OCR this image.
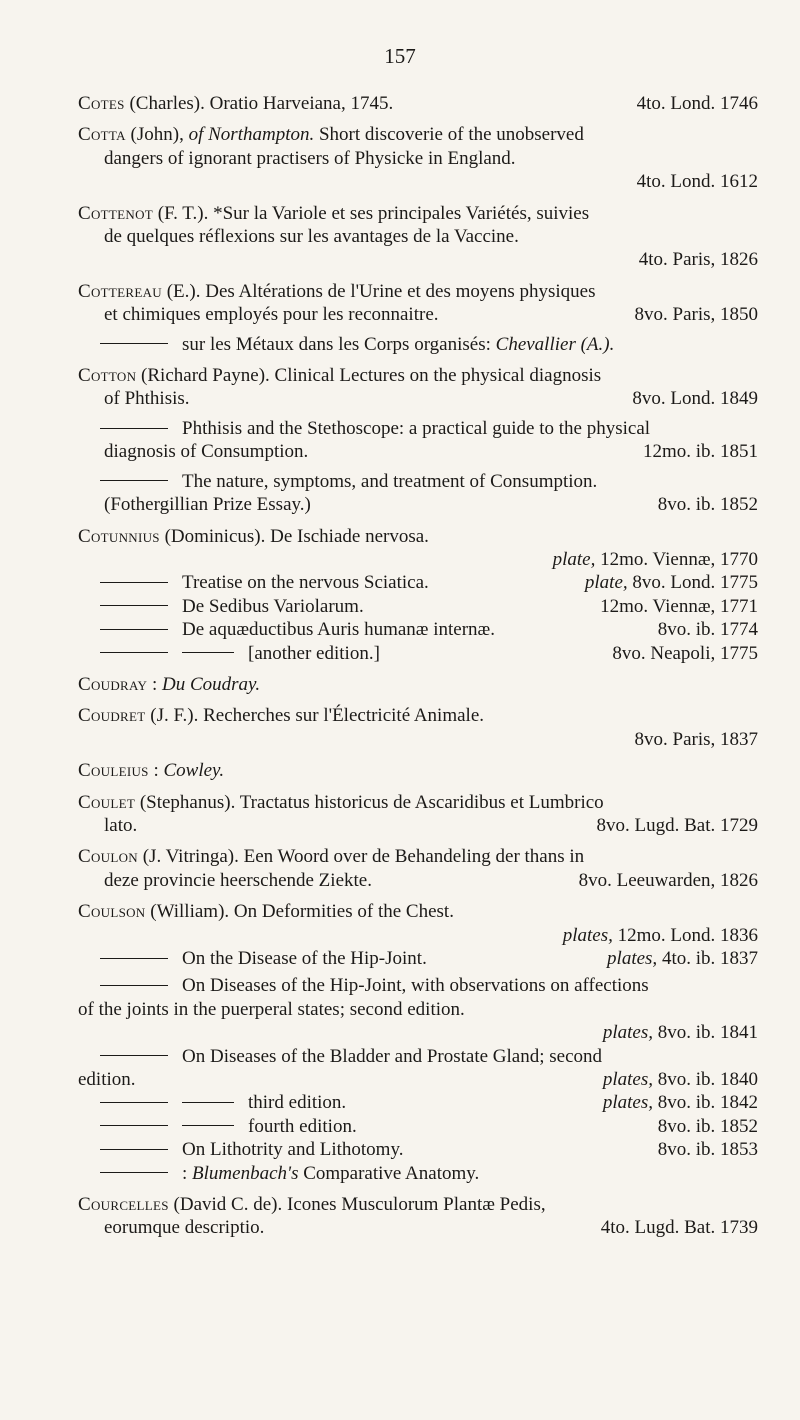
157
Cotes (Charles). Oratio Harveiana, 1745.	4to. Lond. 1746
Cotta (John), of Northampton. Short discoverie of the unobserved
dangers of ignorant practisers of Physicke in England.
4to. Lond. 1612
Cottenot (F. T.). *Sur la Variole et ses principales Variétés, suivies
de quelques réflexions sur les avantages de la Vaccine.
4to. Paris, 1826
Cottereau (E.). Des Altérations de l'Urine et des moyens physiques
et chimiques employés pour les reconnaitre.	8vo. Paris, 1850
sur les Métaux dans les Corps organisés: Chevallier (A.).
Cotton (Richard Payne). Clinical Lectures on the physical diagnosis
of Phthisis.	8vo. Lond. 1849
Phthisis and the Stethoscope: a practical guide to the physical
diagnosis of Consumption.	12mo. ib. 1851
The nature, symptoms, and treatment of Consumption.
(Fothergillian Prize Essay.)	8vo. ib. 1852
Cotunnius (Dominicus). De Ischiade nervosa.
plate, 12mo. Viennæ, 1770
Treatise on the nervous Sciatica.	plate, 8vo. Lond. 1775
De Sedibus Variolarum.	12mo. Viennæ, 1771
De aquæductibus Auris humanæ internæ.	8vo. ib. 1774
[another edition.]	8vo. Neapoli, 1775
Coudray : Du Coudray.
Coudret (J. F.). Recherches sur l'Électricité Animale.
8vo. Paris, 1837
Couleius : Cowley.
Coulet (Stephanus). Tractatus historicus de Ascaridibus et Lumbrico
lato.	8vo. Lugd. Bat. 1729
Coulon (J. Vitringa). Een Woord over de Behandeling der thans in
deze provincie heerschende Ziekte.	8vo. Leeuwarden, 1826
Coulson (William). On Deformities of the Chest.
plates, 12mo. Lond. 1836
On the Disease of the Hip-Joint.	plates, 4to. ib. 1837
On Diseases of the Hip-Joint, with observations on affections
of the joints in the puerperal states; second edition.
plates, 8vo. ib. 1841
On Diseases of the Bladder and Prostate Gland; second
edition.	plates, 8vo. ib. 1840
third edition.	plates, 8vo. ib. 1842
fourth edition.	8vo. ib. 1852
On Lithotrity and Lithotomy.	8vo. ib. 1853
: Blumenbach's Comparative Anatomy.
Courcelles (David C. de). Icones Musculorum Plantæ Pedis,
eorumque descriptio.	4to. Lugd. Bat. 1739
